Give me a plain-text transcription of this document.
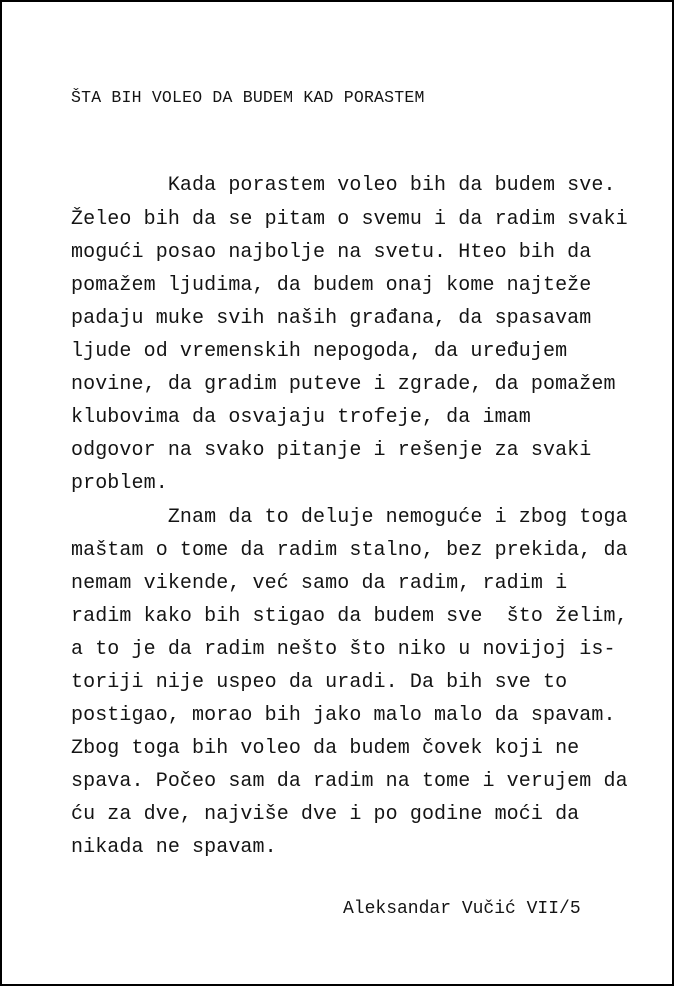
ŠTA BIH VOLEO DA BUDEM KAD PORASTEM
Kada porastem voleo bih da budem sve.
Želeo bih da se pitam o svemu i da radim svaki
mogući posao najbolje na svetu. Hteo bih da
pomažem ljudima, da budem onaj kome najteže
padaju muke svih naših građana, da spasavam
ljude od vremenskih nepogoda, da uređujem
novine, da gradim puteve i zgrade, da pomažem
klubovima da osvajaju trofeje, da imam
odgovor na svako pitanje i rešenje za svaki
problem.
Znam da to deluje nemoguće i zbog toga
maštam o tome da radim stalno, bez prekida, da
nemam vikende, već samo da radim, radim i
radim kako bih stigao da budem sve  što želim,
a to je da radim nešto što niko u novijoj is-
toriji nije uspeo da uradi. Da bih sve to
postigao, morao bih jako malo malo da spavam.
Zbog toga bih voleo da budem čovek koji ne
spava. Počeo sam da radim na tome i verujem da
ću za dve, najviše dve i po godine moći da
nikada ne spavam.
Aleksandar Vučić VII/5
